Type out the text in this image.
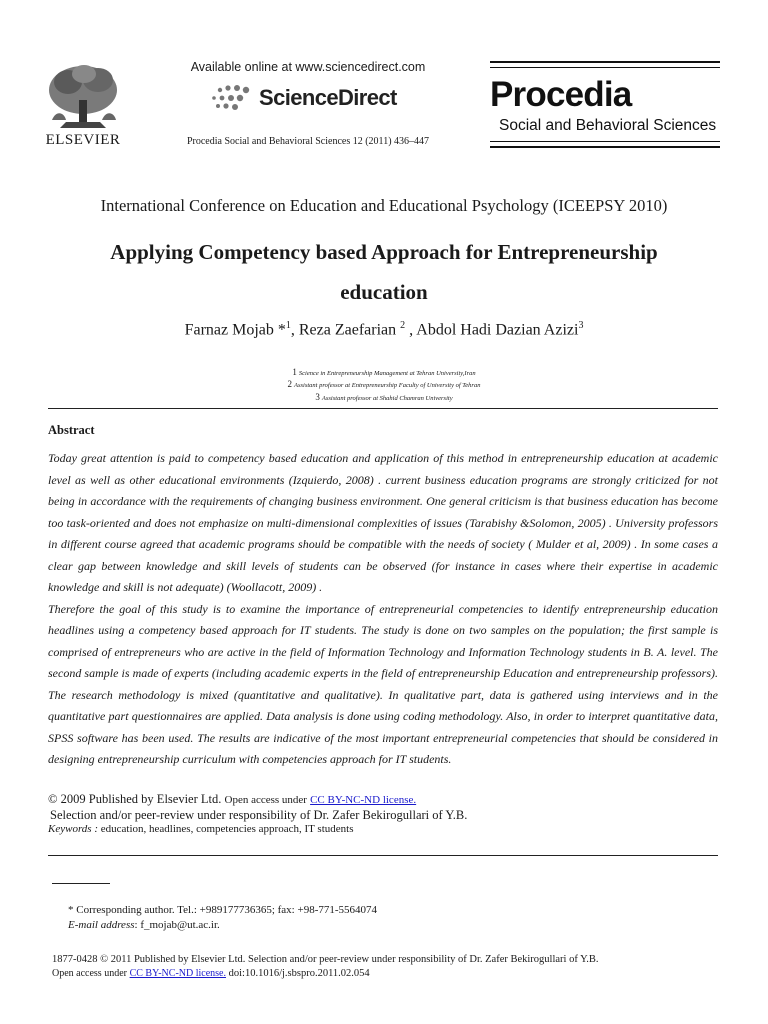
ELSEVIER
Available online at www.sciencedirect.com
ScienceDirect
Procedia Social and Behavioral Sciences 12 (2011) 436–447
Procedia
Social and Behavioral Sciences
International Conference on Education and Educational Psychology (ICEEPSY 2010)
Applying Competency based Approach for Entrepreneurship
education
Farnaz Mojab *$^1$, Reza Zaefarian $^2$ , Abdol Hadi Dazian Azizi$^3$
1 Science in Entrepreneurship Management at Tehran University,Iran
2 Assistant professor at Entrepreneurship Faculty of University of Tehran
3 Assistant professor at Shahid Chamran University
Abstract

Today great attention is paid to competency based education and application of this method in entrepreneurship education at academic level as well as other educational environments (Izquierdo, 2008) . current business education programs are strongly criticized for not being in accordance with the requirements of changing business environment. One general criticism is that business education has become too task-oriented and does not emphasize on multi-dimensional complexities of issues (Tarabishy &Solomon, 2005) . University professors in different course agreed that academic programs should be compatible with the needs of society ( Mulder et al, 2009) . In some cases a clear gap between knowledge and skill levels of students can be observed (for instance in cases where their expertise in academic knowledge and skill is not adequate) (Woollacott, 2009) .

Therefore the goal of this study is to examine the importance of entrepreneurial competencies to identify entrepreneurship education headlines using a competency based approach for IT students. The study is done on two samples on the population; the first sample is comprised of entrepreneurs who are active in the field of Information Technology and Information Technology students in B. A. level. The second sample is made of experts (including academic experts in the field of entrepreneurship Education and entrepreneurship professors). The research methodology is mixed (quantitative and qualitative). In qualitative part, data is gathered using interviews and in the quantitative part questionnaires are applied. Data analysis is done using coding methodology. Also, in order to interpret quantitative data, SPSS software has been used. The results are indicative of the most important entrepreneurial competencies that should be considered in designing entrepreneurship curriculum with competencies approach for IT students.

© 2009 Published by Elsevier Ltd. Open access under CC BY-NC-ND license.
Selection and/or peer-review under responsibility of Dr. Zafer Bekirogullari of Y.B.
Keywords : education, headlines, competencies approach, IT students
* Corresponding author. Tel.: +989177736365; fax: +98-771-5564074
E-mail address: f_mojab@ut.ac.ir.
1877-0428 © 2011 Published by Elsevier Ltd. Selection and/or peer-review under responsibility of Dr. Zafer Bekirogullari of Y.B.
Open access under CC BY-NC-ND license. doi:10.1016/j.sbspro.2011.02.054
